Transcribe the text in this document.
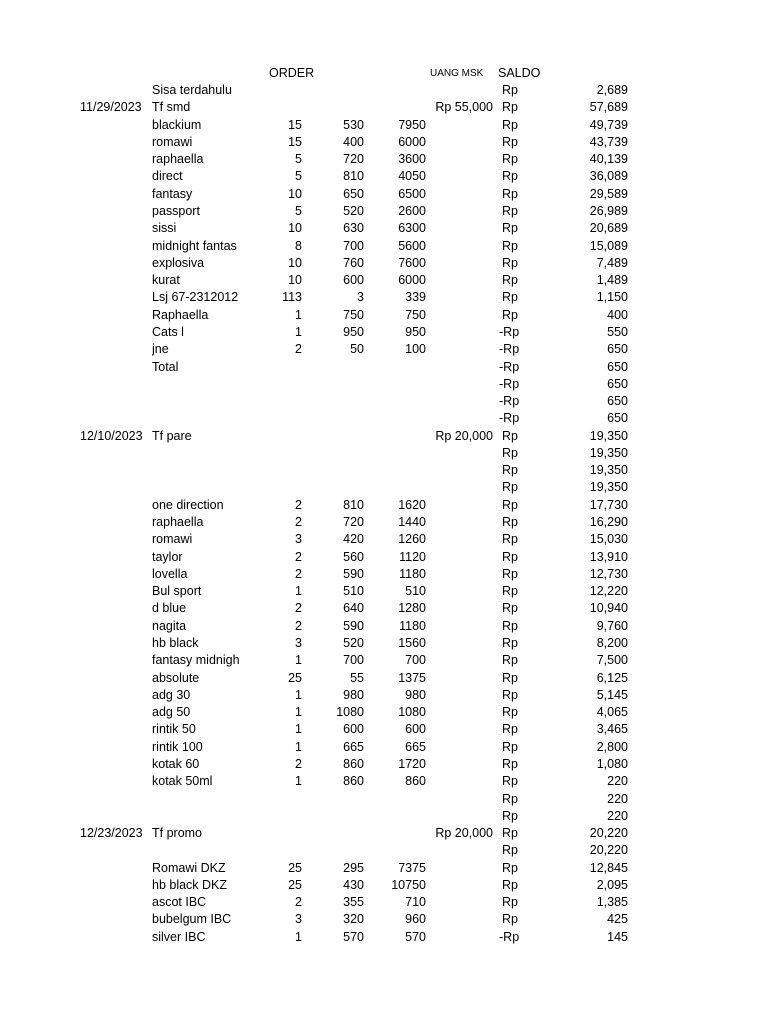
ORDER	UANG MSK SALDO
Sisa terdahulu	Rp	2,689
11/29/2023 Tf smd	Rp 55,000 Rp	57,689
blackium	15	530	7950	Rp	49,739
romawi	15	400	6000	Rp	43,739
raphaella	5	720	3600	Rp	40,139
direct	5	810	4050	Rp	36,089
fantasy	10	650	6500	Rp	29,589
passport	5	520	2600	Rp	26,989
sissi	10	630	6300	Rp	20,689
midnight fantas	8	700	5600	Rp	15,089
explosiva	10	760	7600	Rp	7,489
kurat	10	600	6000	Rp	1,489
Lsj 67-2312012	113	3	339	Rp	1,150
Raphaella	1	750	750	Rp	400
Cats l	1	950	950	-Rp	550
jne	2	50	100	-Rp	650
Total	-Rp	650
-Rp	650
-Rp	650
-Rp	650
12/10/2023 Tf pare	Rp 20,000 Rp	19,350
Rp	19,350
Rp	19,350
Rp	19,350
one direction	2	810	1620	Rp	17,730
raphaella	2	720	1440	Rp	16,290
romawi	3	420	1260	Rp	15,030
taylor	2	560	1120	Rp	13,910
lovella	2	590	1180	Rp	12,730
Bul sport	1	510	510	Rp	12,220
d blue	2	640	1280	Rp	10,940
nagita	2	590	1180	Rp	9,760
hb black	3	520	1560	Rp	8,200
fantasy midnigh	1	700	700	Rp	7,500
absolute	25	55	1375	Rp	6,125
adg 30	1	980	980	Rp	5,145
adg 50	1	1080	1080	Rp	4,065
rintik 50	1	600	600	Rp	3,465
rintik 100	1	665	665	Rp	2,800
kotak 60	2	860	1720	Rp	1,080
kotak 50ml	1	860	860	Rp	220
Rp	220
Rp	220
12/23/2023 Tf promo	Rp 20,000 Rp	20,220
Rp	20,220
Romawi DKZ	25	295	7375	Rp	12,845
hb black DKZ	25	430	10750	Rp	2,095
ascot IBC	2	355	710	Rp	1,385
bubelgum IBC	3	320	960	Rp	425
silver IBC	1	570	570	-Rp	145
